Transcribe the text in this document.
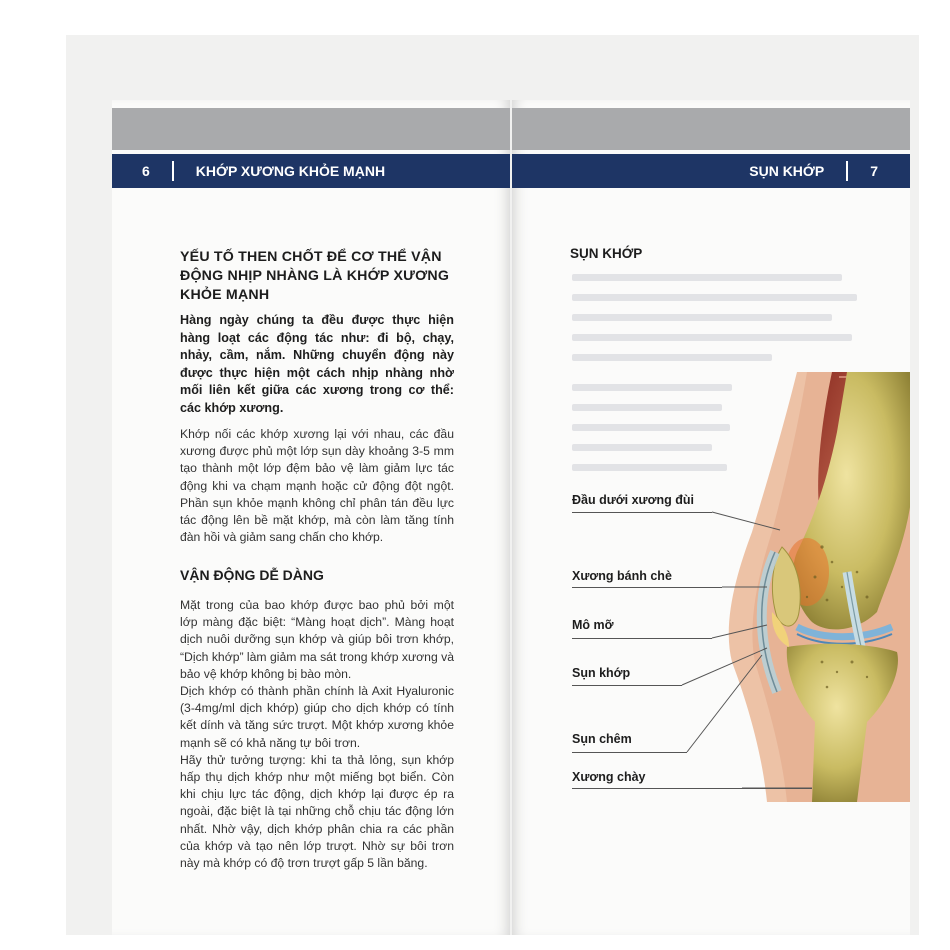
6	KHỚP XƯƠNG KHỎE MẠNH
YẾU TỐ THEN CHỐT ĐỂ CƠ THỂ VẬN ĐỘNG NHỊP NHÀNG LÀ KHỚP XƯƠNG KHỎE MẠNH
Hàng ngày chúng ta đều được thực hiện hàng loạt các động tác như: đi bộ, chạy, nhảy, cầm, nắm. Những chuyển động này được thực hiện một cách nhịp nhàng nhờ mối liên kết giữa các xương trong cơ thể: các khớp xương.

Khớp nối các khớp xương lại với nhau, các đầu xương được phủ một lớp sụn dày khoảng 3-5 mm tạo thành một lớp đệm bảo vệ làm giảm lực tác động khi va chạm mạnh hoặc cử động đột ngột. Phần sụn khỏe mạnh không chỉ phân tán đều lực tác động lên bề mặt khớp, mà còn làm tăng tính đàn hồi và giảm sang chấn cho khớp.

VẬN ĐỘNG DỄ DÀNG

Mặt trong của bao khớp được bao phủ bởi một lớp màng đặc biệt: “Màng hoạt dịch”. Màng hoạt dịch nuôi dưỡng sụn khớp và giúp bôi trơn khớp, “Dịch khớp” làm giảm ma sát trong khớp xương và bảo vệ khớp không bị bào mòn.

Dịch khớp có thành phần chính là Axit Hyaluronic (3-4mg/ml dịch khớp) giúp cho dịch khớp có tính kết dính và tăng sức trượt. Một khớp xương khỏe mạnh sẽ có khả năng tự bôi trơn.

Hãy thử tưởng tượng: khi ta thả lỏng, sụn khớp hấp thụ dịch khớp như một miếng bọt biển. Còn khi chịu lực tác động, dịch khớp lại được ép ra ngoài, đặc biệt là tại những chỗ chịu tác động lớn nhất. Nhờ vậy, dịch khớp phân chia ra các phần của khớp và tạo nên lớp trượt. Nhờ sự bôi trơn này mà khớp có độ trơn trượt gấp 5 lần băng.

SỤN KHỚP	7
SỤN KHỚP
Đầu dưới xương đùi
Xương bánh chè
Mô mỡ
Sụn khớp
Sụn chêm
Xương chày
